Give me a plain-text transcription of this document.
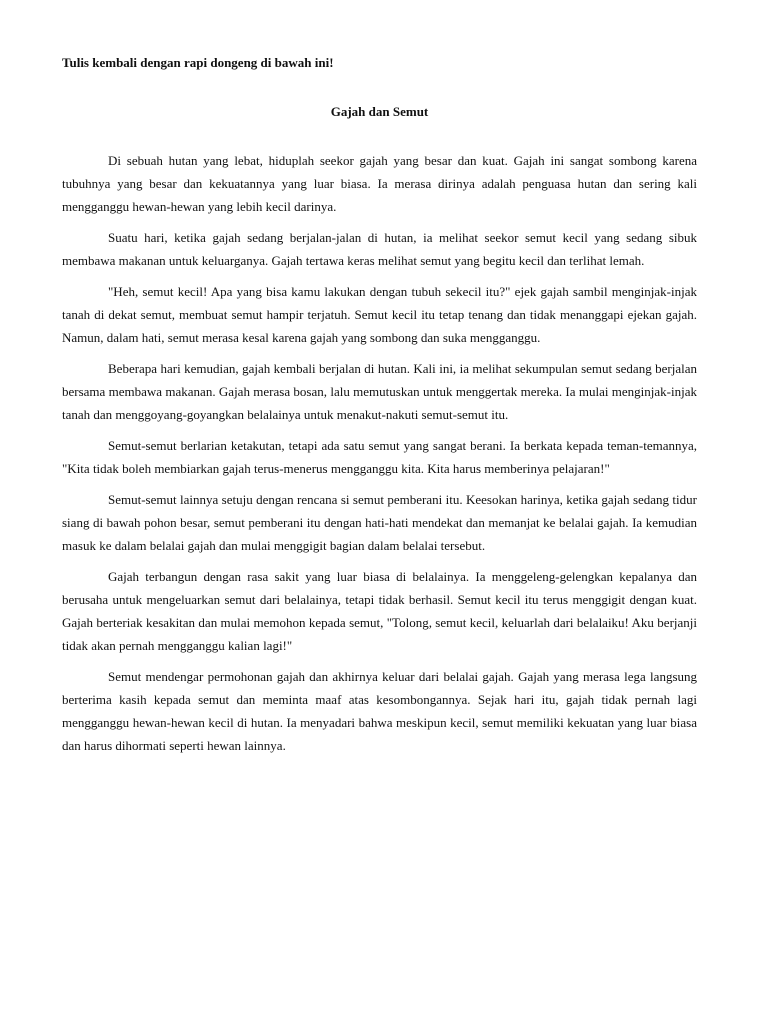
Tulis kembali dengan rapi dongeng di bawah ini!

Gajah dan Semut

Di sebuah hutan yang lebat, hiduplah seekor gajah yang besar dan kuat. Gajah ini sangat sombong karena tubuhnya yang besar dan kekuatannya yang luar biasa. Ia merasa dirinya adalah penguasa hutan dan sering kali mengganggu hewan-hewan yang lebih kecil darinya.

Suatu hari, ketika gajah sedang berjalan-jalan di hutan, ia melihat seekor semut kecil yang sedang sibuk membawa makanan untuk keluarganya. Gajah tertawa keras melihat semut yang begitu kecil dan terlihat lemah.

"Heh, semut kecil! Apa yang bisa kamu lakukan dengan tubuh sekecil itu?" ejek gajah sambil menginjak-injak tanah di dekat semut, membuat semut hampir terjatuh. Semut kecil itu tetap tenang dan tidak menanggapi ejekan gajah. Namun, dalam hati, semut merasa kesal karena gajah yang sombong dan suka mengganggu.

Beberapa hari kemudian, gajah kembali berjalan di hutan. Kali ini, ia melihat sekumpulan semut sedang berjalan bersama membawa makanan. Gajah merasa bosan, lalu memutuskan untuk menggertak mereka. Ia mulai menginjak-injak tanah dan menggoyang-goyangkan belalainya untuk menakut-nakuti semut-semut itu.

Semut-semut berlarian ketakutan, tetapi ada satu semut yang sangat berani. Ia berkata kepada teman-temannya, "Kita tidak boleh membiarkan gajah terus-menerus mengganggu kita. Kita harus memberinya pelajaran!"

Semut-semut lainnya setuju dengan rencana si semut pemberani itu. Keesokan harinya, ketika gajah sedang tidur siang di bawah pohon besar, semut pemberani itu dengan hati-hati mendekat dan memanjat ke belalai gajah. Ia kemudian masuk ke dalam belalai gajah dan mulai menggigit bagian dalam belalai tersebut.

Gajah terbangun dengan rasa sakit yang luar biasa di belalainya. Ia menggeleng-gelengkan kepalanya dan berusaha untuk mengeluarkan semut dari belalainya, tetapi tidak berhasil. Semut kecil itu terus menggigit dengan kuat. Gajah berteriak kesakitan dan mulai memohon kepada semut, "Tolong, semut kecil, keluarlah dari belalaiku! Aku berjanji tidak akan pernah mengganggu kalian lagi!"

Semut mendengar permohonan gajah dan akhirnya keluar dari belalai gajah. Gajah yang merasa lega langsung berterima kasih kepada semut dan meminta maaf atas kesombongannya. Sejak hari itu, gajah tidak pernah lagi mengganggu hewan-hewan kecil di hutan. Ia menyadari bahwa meskipun kecil, semut memiliki kekuatan yang luar biasa dan harus dihormati seperti hewan lainnya.
